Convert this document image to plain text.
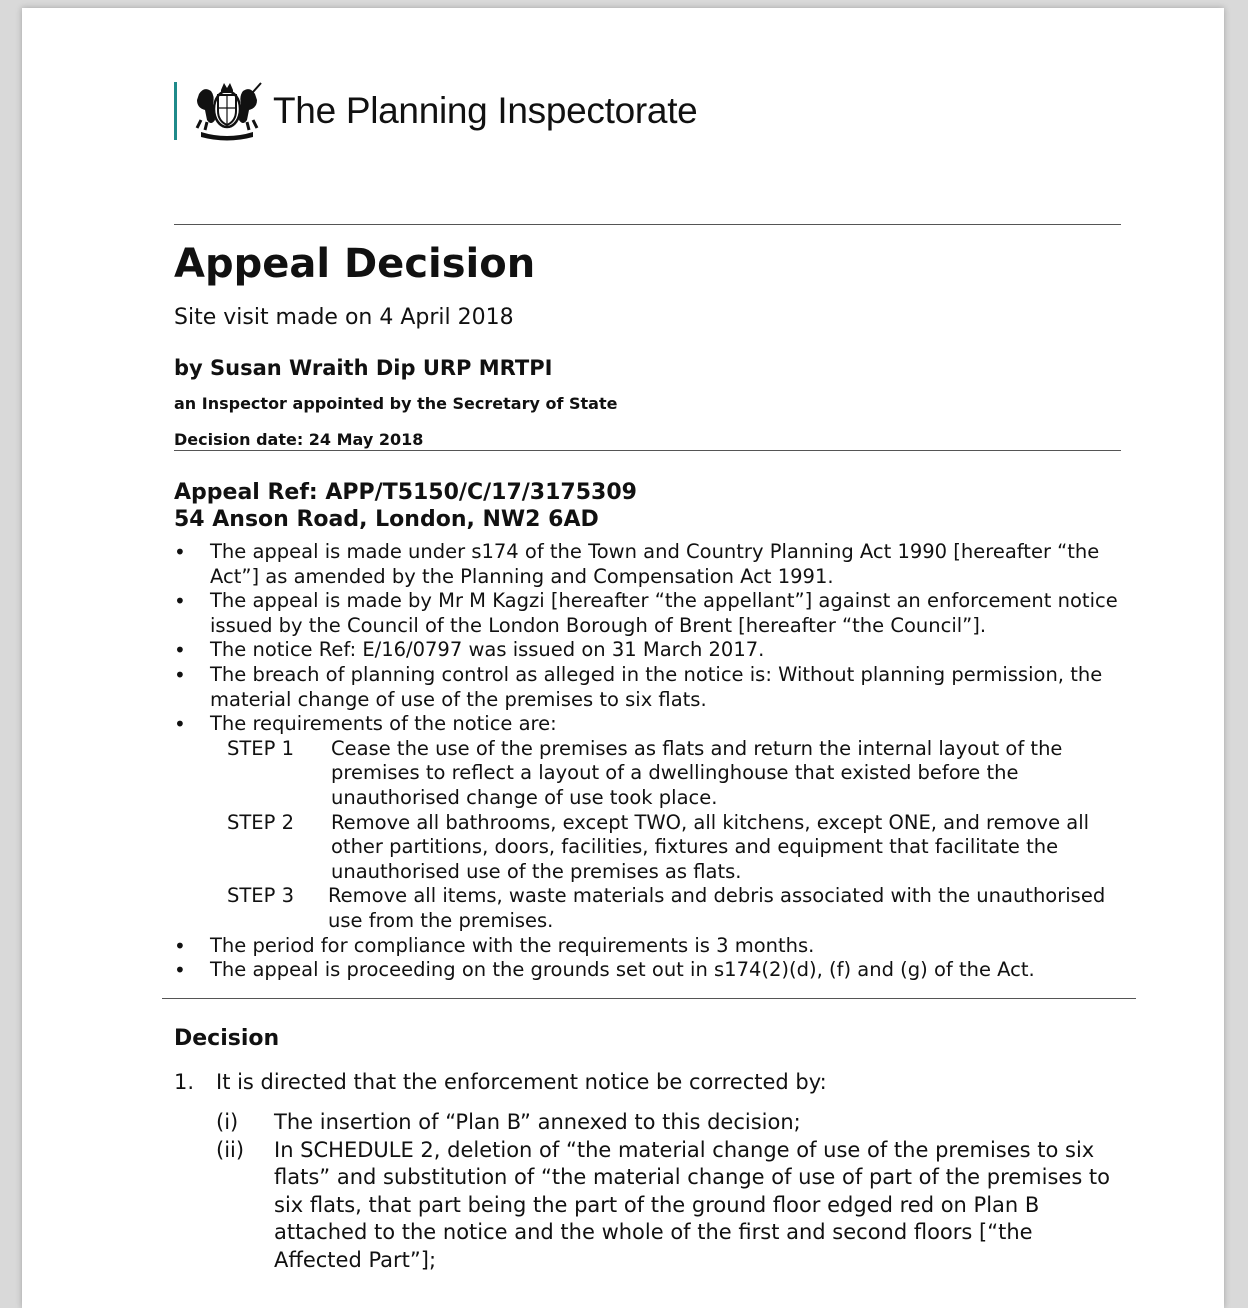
The Planning Inspectorate
Appeal Decision
Site visit made on 4 April 2018
by Susan Wraith Dip URP MRTPI
an Inspector appointed by the Secretary of State
Decision date: 24 May 2018
Appeal Ref: APP/T5150/C/17/3175309
54 Anson Road, London, NW2 6AD
• The appeal is made under s174 of the Town and Country Planning Act 1990 [hereafter “the Act”] as amended by the Planning and Compensation Act 1991.
• The appeal is made by Mr M Kagzi [hereafter “the appellant”] against an enforcement notice issued by the Council of the London Borough of Brent [hereafter “the Council”].
• The notice Ref: E/16/0797 was issued on 31 March 2017.
• The breach of planning control as alleged in the notice is: Without planning permission, the material change of use of the premises to six flats.
• The requirements of the notice are:
STEP 1	Cease the use of the premises as flats and return the internal layout of the premises to reflect a layout of a dwellinghouse that existed before the unauthorised change of use took place.
STEP 2	Remove all bathrooms, except TWO, all kitchens, except ONE, and remove all other partitions, doors, facilities, fixtures and equipment that facilitate the unauthorised use of the premises as flats.
STEP 3	Remove all items, waste materials and debris associated with the unauthorised use from the premises.
• The period for compliance with the requirements is 3 months.
• The appeal is proceeding on the grounds set out in s174(2)(d), (f) and (g) of the Act.
Decision
1.	It is directed that the enforcement notice be corrected by:
(i)	The insertion of “Plan B” annexed to this decision;
(ii)	In SCHEDULE 2, deletion of “the material change of use of the premises to six flats” and substitution of “the material change of use of part of the premises to six flats, that part being the part of the ground floor edged red on Plan B attached to the notice and the whole of the first and second floors [“the Affected Part”];
